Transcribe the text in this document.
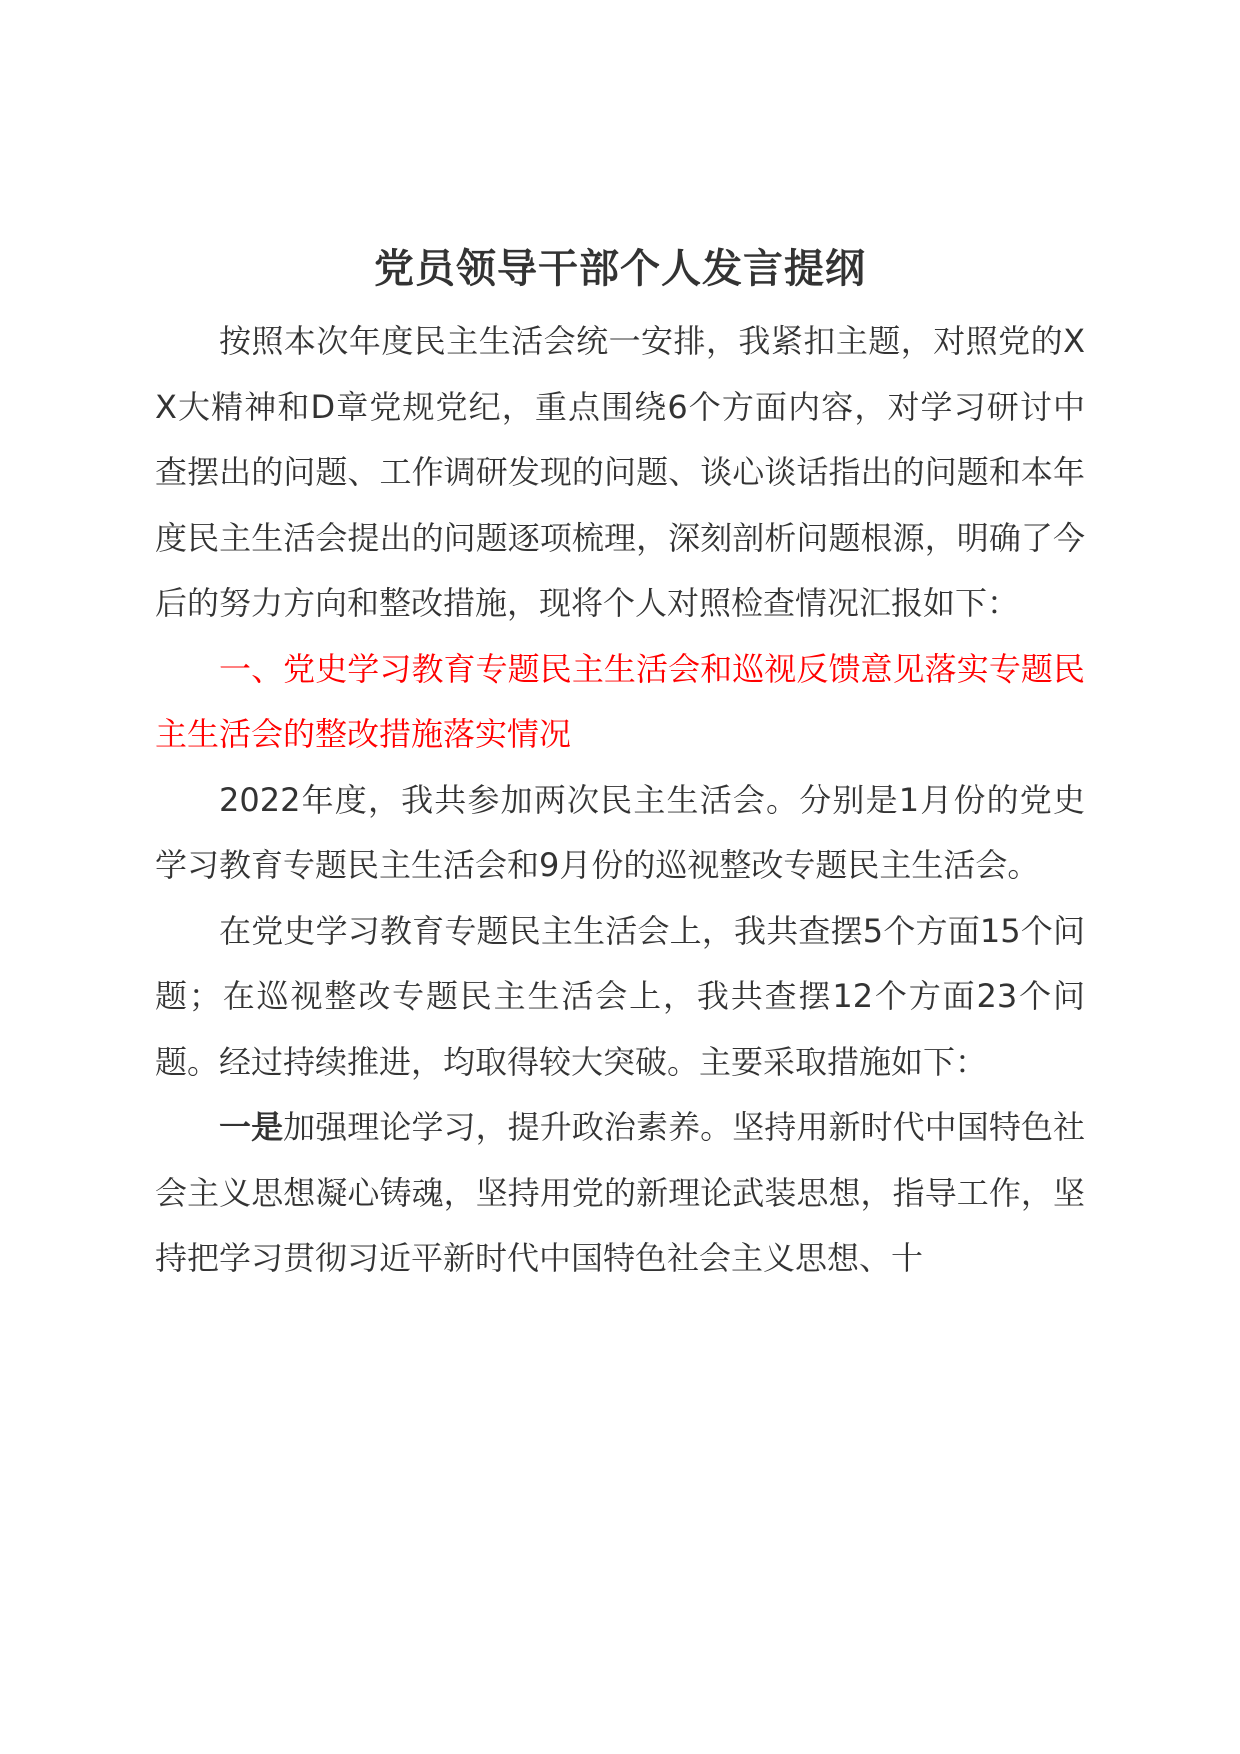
党员领导干部个人发言提纲

按照本次年度民主生活会统一安排，我紧扣主题，对照党的XX大精神和D章党规党纪，重点围绕6个方面内容，对学习研讨中查摆出的问题、工作调研发现的问题、谈心谈话指出的问题和本年度民主生活会提出的问题逐项梳理，深刻剖析问题根源，明确了今后的努力方向和整改措施，现将个人对照检查情况汇报如下：

一、党史学习教育专题民主生活会和巡视反馈意见落实专题民主生活会的整改措施落实情况

2022年度，我共参加两次民主生活会。分别是1月份的党史学习教育专题民主生活会和9月份的巡视整改专题民主生活会。

在党史学习教育专题民主生活会上，我共查摆5个方面15个问题；在巡视整改专题民主生活会上，我共查摆12个方面23个问题。经过持续推进，均取得较大突破。主要采取措施如下：

一是加强理论学习，提升政治素养。坚持用新时代中国特色社会主义思想凝心铸魂，坚持用党的新理论武装思想，指导工作，坚持把学习贯彻习近平新时代中国特色社会主义思想、十
